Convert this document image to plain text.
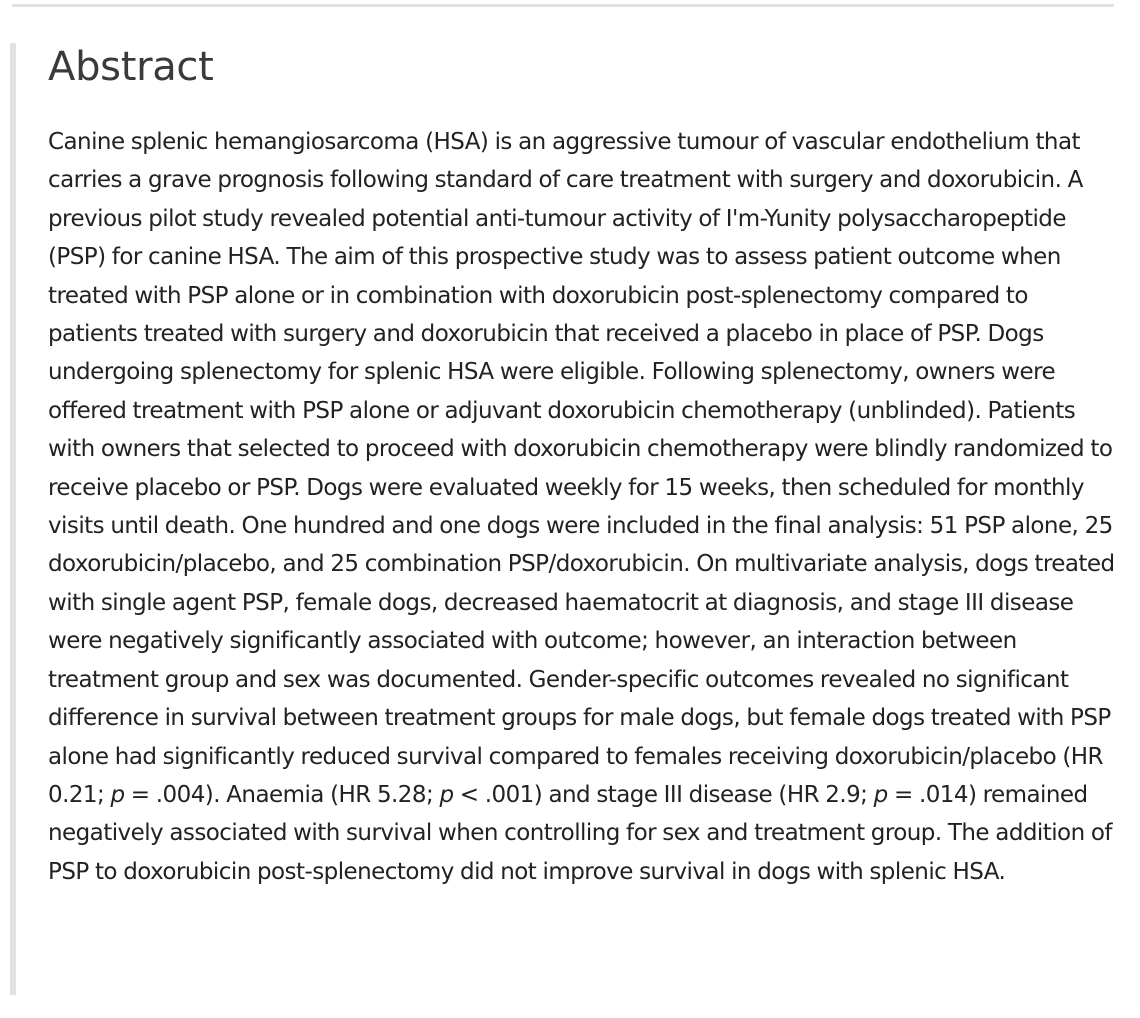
Abstract

Canine splenic hemangiosarcoma (HSA) is an aggressive tumour of vascular endothelium that carries a grave prognosis following standard of care treatment with surgery and doxorubicin. A previous pilot study revealed potential anti-tumour activity of I'm-Yunity polysaccharopeptide (PSP) for canine HSA. The aim of this prospective study was to assess patient outcome when treated with PSP alone or in combination with doxorubicin post-splenectomy compared to patients treated with surgery and doxorubicin that received a placebo in place of PSP. Dogs undergoing splenectomy for splenic HSA were eligible. Following splenectomy, owners were offered treatment with PSP alone or adjuvant doxorubicin chemotherapy (unblinded). Patients with owners that selected to proceed with doxorubicin chemotherapy were blindly randomized to receive placebo or PSP. Dogs were evaluated weekly for 15 weeks, then scheduled for monthly visits until death. One hundred and one dogs were included in the final analysis: 51 PSP alone, 25 doxorubicin/placebo, and 25 combination PSP/doxorubicin. On multivariate analysis, dogs treated with single agent PSP, female dogs, decreased haematocrit at diagnosis, and stage III disease were negatively significantly associated with outcome; however, an interaction between treatment group and sex was documented. Gender-specific outcomes revealed no significant difference in survival between treatment groups for male dogs, but female dogs treated with PSP alone had significantly reduced survival compared to females receiving doxorubicin/placebo (HR 0.21; p = .004). Anaemia (HR 5.28; p < .001) and stage III disease (HR 2.9; p = .014) remained negatively associated with survival when controlling for sex and treatment group. The addition of PSP to doxorubicin post-splenectomy did not improve survival in dogs with splenic HSA.
